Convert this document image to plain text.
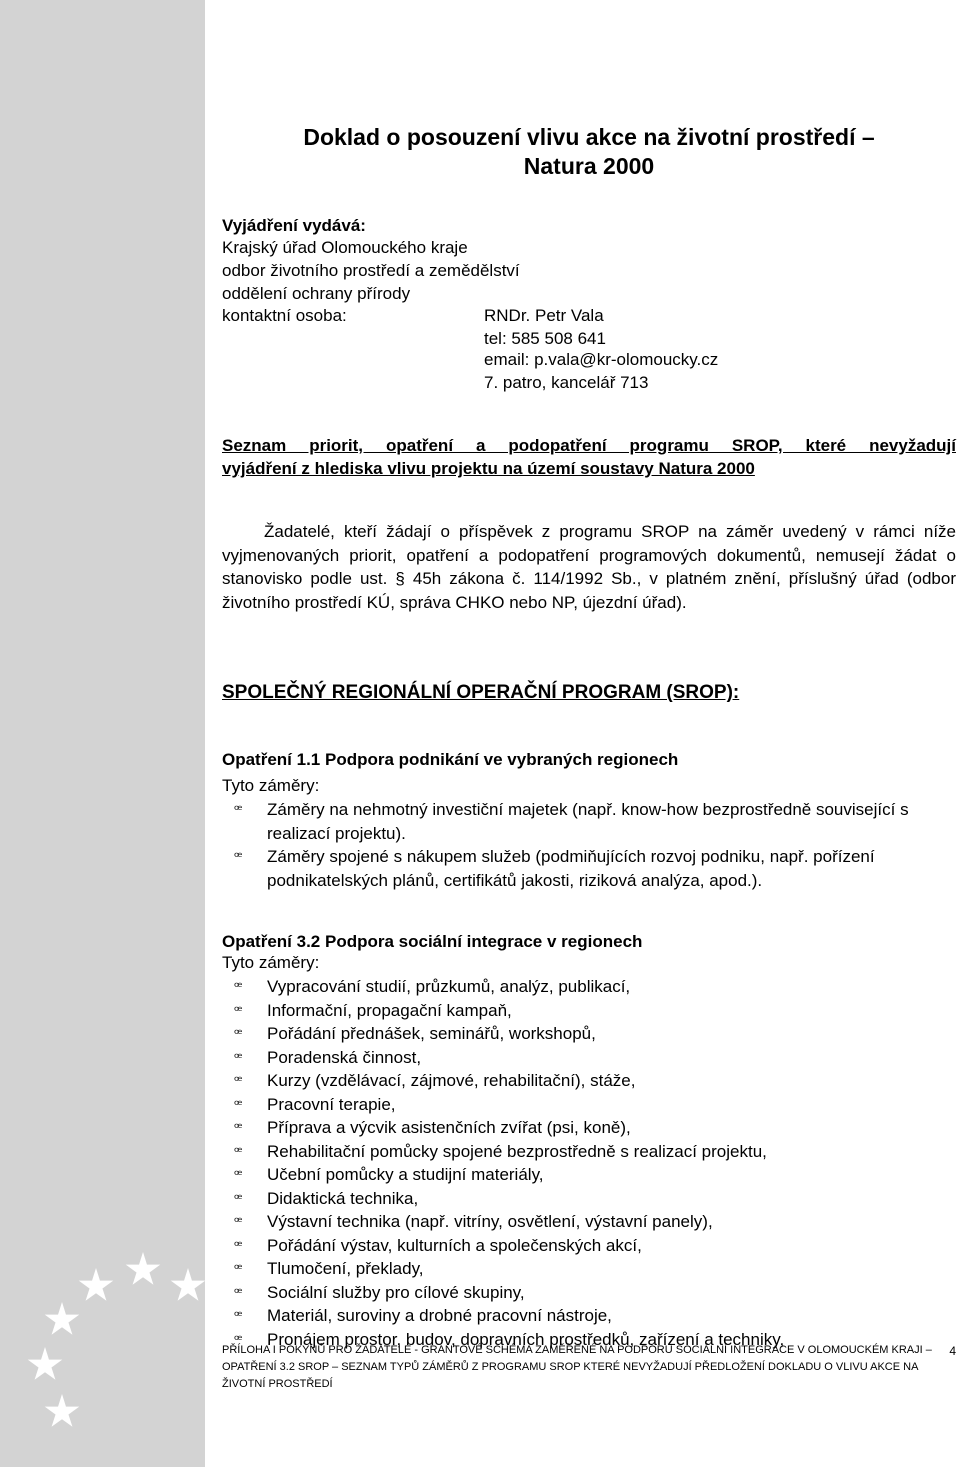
Doklad o posouzení vlivu akce na životní prostředí –
Natura 2000
Vyjádření vydává:
Krajský úřad Olomouckého kraje
odbor životního prostředí a zemědělství
oddělení ochrany přírody
kontaktní osoba:	RNDr. Petr Vala
tel: 585 508 641
email: p.vala@kr-olomoucky.cz
7. patro, kancelář 713
Seznam priorit, opatření a podopatření programu SROP, které nevyžadují
vyjádření z hlediska vlivu projektu na území soustavy Natura 2000

Žadatelé, kteří žádají o příspěvek z programu SROP na záměr uvedený v rámci níže vyjmenovaných priorit, opatření a podopatření programových dokumentů, nemusejí žádat o stanovisko podle ust. § 45h zákona č. 114/1992 Sb., v platném znění, příslušný úřad (odbor životního prostředí KÚ, správa CHKO nebo NP, újezdní úřad).

SPOLEČNÝ REGIONÁLNÍ OPERAČNÍ PROGRAM (SROP):
Opatření 1.1 Podpora podnikání ve vybraných regionech
Tyto záměry:
ꟹ Záměry na nehmotný investiční majetek (např. know-how bezprostředně související s realizací projektu).
ꟹ Záměry spojené s nákupem služeb (podmiňujících rozvoj podniku, např. pořízení podnikatelských plánů, certifikátů jakosti, riziková analýza, apod.).
Opatření 3.2 Podpora sociální integrace v regionech
Tyto záměry:
ꟹ Vypracování studií, průzkumů, analýz, publikací,
ꟹ Informační, propagační kampaň,
ꟹ Pořádání přednášek, seminářů, workshopů,
ꟹ Poradenská činnost,
ꟹ Kurzy (vzdělávací, zájmové, rehabilitační), stáže,
ꟹ Pracovní terapie,
ꟹ Příprava a výcvik asistenčních zvířat (psi, koně),
ꟹ Rehabilitační pomůcky spojené bezprostředně s realizací projektu,
ꟹ Učební pomůcky a studijní materiály,
ꟹ Didaktická technika,
ꟹ Výstavní technika (např. vitríny, osvětlení, výstavní panely),
ꟹ Pořádání výstav, kulturních a společenských akcí,
ꟹ Tlumočení, překlady,
ꟹ Sociální služby pro cílové skupiny,
ꟹ Materiál, suroviny a drobné pracovní nástroje,
ꟹ Pronájem prostor, budov, dopravních prostředků, zařízení a techniky,
4
PŘÍLOHA I POKYNŮ PRO ŽADATELE - GRANTOVÉ SCHÉMA ZAMĚŘENÉ NA PODPORU SOCIÁLNÍ INTEGRACE V OLOMOUCKÉM KRAJI –
OPATŘENÍ 3.2 SROP – SEZNAM TYPŮ ZÁMĚRŮ Z PROGRAMU SROP KTERÉ NEVYŽADUJÍ PŘEDLOŽENÍ DOKLADU O VLIVU AKCE NA
ŽIVOTNÍ PROSTŘEDÍ
